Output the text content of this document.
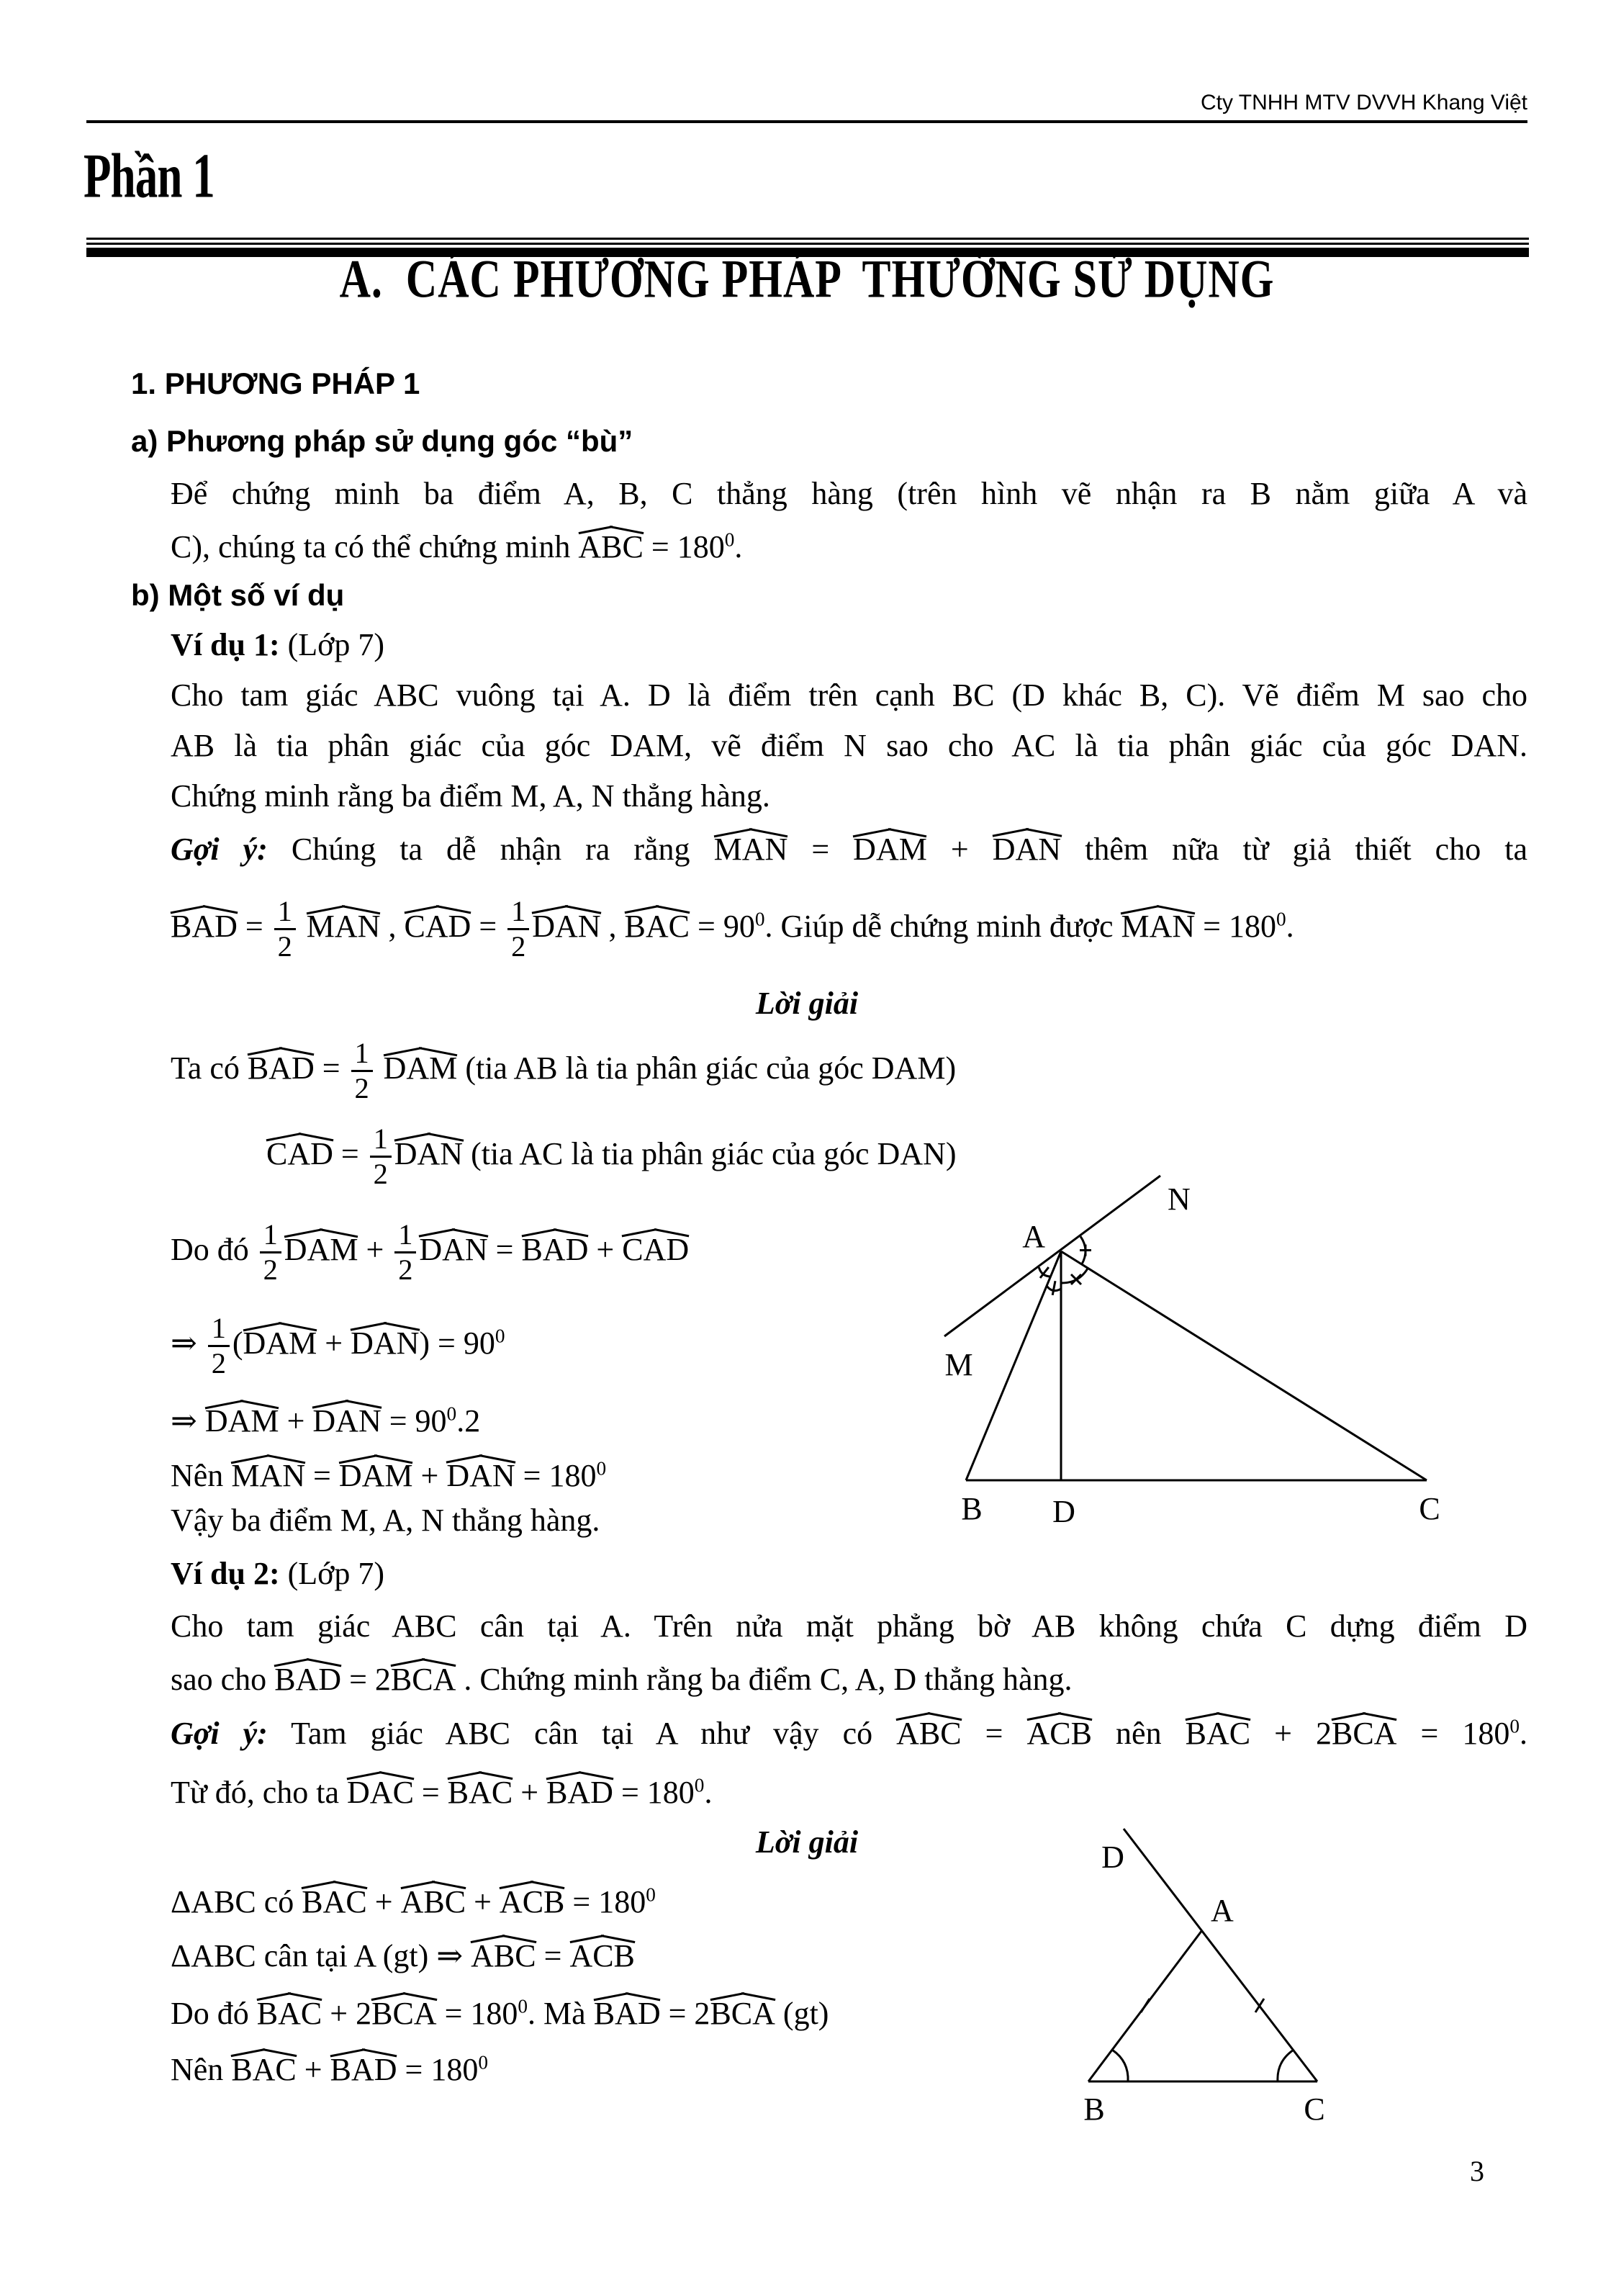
Cty TNHH MTV DVVH Khang Việt
Phần 1
A.  CÁC PHƯƠNG PHÁP  THƯỜNG SỬ DỤNG
1. PHƯƠNG PHÁP 1
a) Phương pháp sử dụng góc “bù”
Để chứng minh ba điểm A, B, C thẳng hàng (trên hình vẽ nhận ra B nằm giữa A và
C), chúng ta có thể chứng minh ABC = $180^0$.
b) Một số ví dụ
Ví dụ 1: (Lớp 7)
Cho tam giác ABC vuông tại A. D là điểm trên cạnh BC (D khác B, C). Vẽ điểm M sao cho
AB là tia phân giác của góc DAM, vẽ điểm N sao cho AC là tia phân giác của góc DAN.
Chứng minh rằng ba điểm M, A, N thẳng hàng.
Gợi ý: Chúng ta dễ nhận ra rằng MAN = DAM + DAN thêm nữa từ giả thiết cho ta
BAD = $\frac{1}{2}$ MAN , CAD = $\frac{1}{2}$ DAN , BAC = $90^0$. Giúp dễ chứng minh được MAN = $180^0$.
Lời giải
Ta có BAD = $\frac{1}{2}$ DAM (tia AB là tia phân giác của góc DAM)
CAD = $\frac{1}{2}$ DAN (tia AC là tia phân giác của góc DAN)
Do đó $\frac{1}{2}$ DAM + $\frac{1}{2}$ DAN = BAD + CAD
⇒ $\frac{1}{2} (DAM + DAN) = 90^0$
⇒ DAM + DAN = $90^0.2$
Nên MAN = DAM + DAN = $180^0$
Vậy ba điểm M, A, N thẳng hàng.
Ví dụ 2: (Lớp 7)
Cho tam giác ABC cân tại A. Trên nửa mặt phẳng bờ AB không chứa C dựng điểm D
sao cho BAD = 2BCA . Chứng minh rằng ba điểm C, A, D thẳng hàng.
Gợi ý: Tam giác ABC cân tại A như vậy có ABC = ACB nên BAC + $2BCA = 180^0$.
Từ đó, cho ta DAC = BAC + BAD = $180^0$.
Lời giải
ΔABC có BAC + ABC + ACB = $180^0$
ΔABC cân tại A (gt) ⇒ ABC = ACB
Do đó BAC + $2BCA = 180^0$. Mà BAD = 2BCA (gt)
Nên BAC + BAD = $180^0$
3
A
N
M
B D	C
D
A
B	C
